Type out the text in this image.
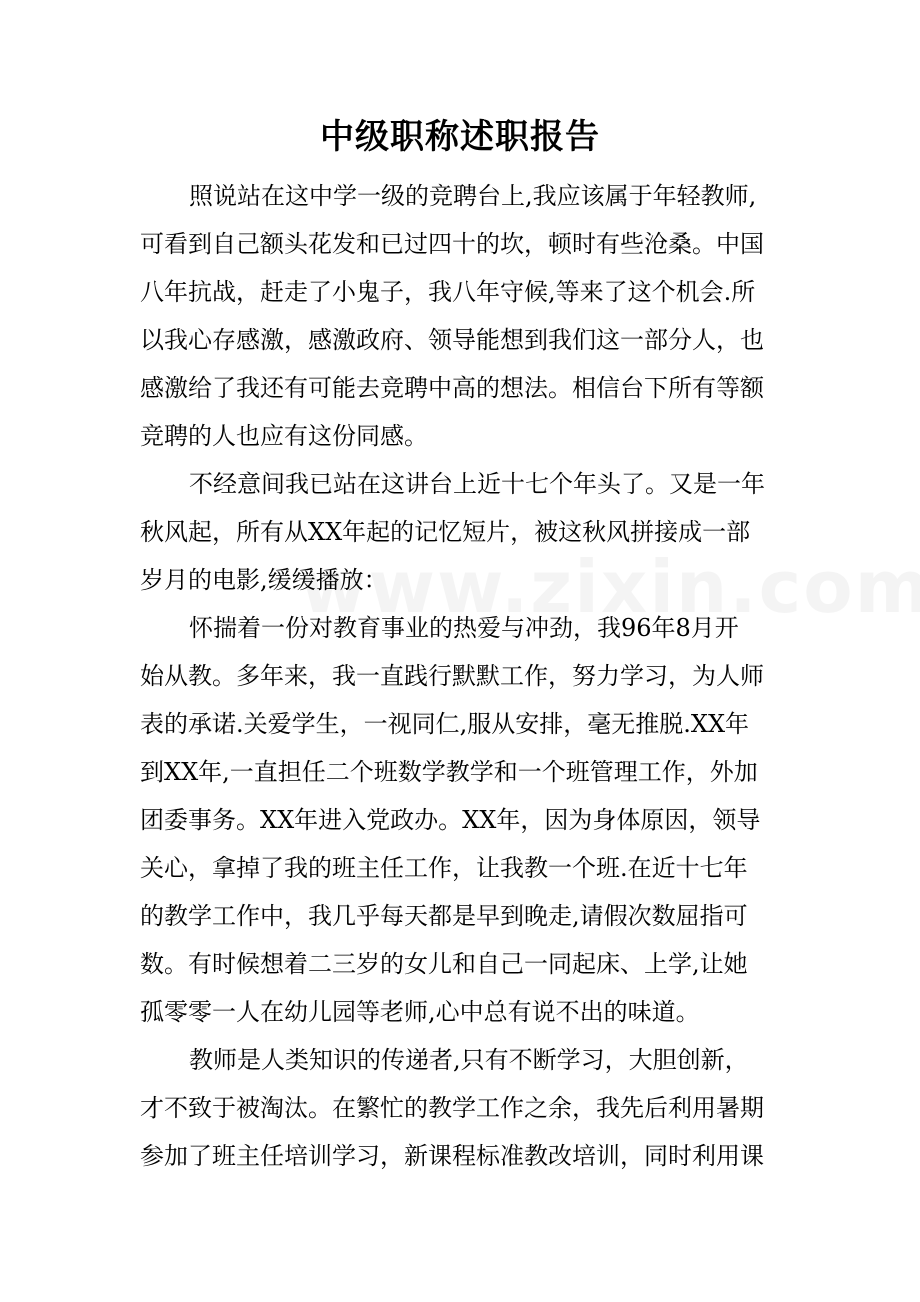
中级职称述职报告
照说站在这中学一级的竞聘台上,我应该属于年轻教师,
可看到自己额头花发和已过四十的坎，顿时有些沧桑。中国
八年抗战，赶走了小鬼子，我八年守候,等来了这个机会.所
以我心存感激，感激政府、领导能想到我们这一部分人，也
感激给了我还有可能去竞聘中高的想法。相信台下所有等额
竞聘的人也应有这份同感。
不经意间我已站在这讲台上近十七个年头了。又是一年
秋风起，所有从XX年起的记忆短片，被这秋风拼接成一部
岁月的电影,缓缓播放：
怀揣着一份对教育事业的热爱与冲劲，我96年8月开
始从教。多年来，我一直践行默默工作，努力学习，为人师
表的承诺.关爱学生，一视同仁,服从安排，毫无推脱.XX年
到XX年,一直担任二个班数学教学和一个班管理工作，外加
团委事务。XX年进入党政办。XX年，因为身体原因，领导
关心，拿掉了我的班主任工作，让我教一个班.在近十七年
的教学工作中，我几乎每天都是早到晚走,请假次数屈指可
数。有时候想着二三岁的女儿和自己一同起床、上学,让她
孤零零一人在幼儿园等老师,心中总有说不出的味道。
教师是人类知识的传递者,只有不断学习，大胆创新，
才不致于被淘汰。在繁忙的教学工作之余，我先后利用暑期
参加了班主任培训学习，新课程标准教改培训，同时利用课
